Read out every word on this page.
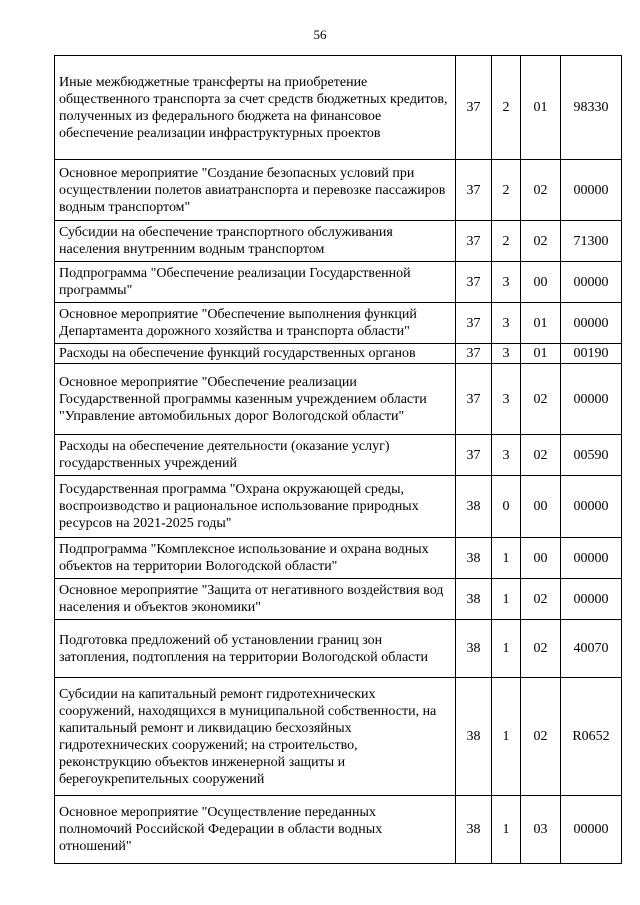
56
Иные межбюджетные трансферты на приобретение общественного транспорта за счет средств бюджетных кредитов, полученных из федерального бюджета на финансовое обеспечение реализации инфраструктурных проектов	37	2	01	98330
Основное мероприятие "Создание безопасных условий при осуществлении полетов авиатранспорта и перевозке пассажиров водным транспортом"	37	2	02	00000
Субсидии на обеспечение транспортного обслуживания населения внутренним водным транспортом	37	2	02	71300
Подпрограмма "Обеспечение реализации Государственной программы"	37	3	00	00000
Основное мероприятие "Обеспечение выполнения функций Департамента дорожного хозяйства и транспорта области"	37	3	01	00000
Расходы на обеспечение функций государственных органов	37	3	01	00190
Основное мероприятие "Обеспечение реализации Государственной программы казенным учреждением области "Управление автомобильных дорог Вологодской области"	37	3	02	00000
Расходы на обеспечение деятельности (оказание услуг) государственных учреждений	37	3	02	00590
Государственная программа "Охрана окружающей среды, воспроизводство и рациональное использование природных ресурсов на 2021-2025 годы"	38	0	00	00000
Подпрограмма "Комплексное использование и охрана водных объектов на территории Вологодской области"	38	1	00	00000
Основное мероприятие "Защита от негативного воздействия вод населения и объектов экономики"	38	1	02	00000
Подготовка предложений об установлении границ зон затопления, подтопления на территории Вологодской области	38	1	02	40070
Субсидии на капитальный ремонт гидротехнических сооружений, находящихся в муниципальной собственности, на капитальный ремонт и ликвидацию бесхозяйных гидротехнических сооружений; на строительство, реконструкцию объектов инженерной защиты и берегоукрепительных сооружений	38	1	02	R0652
Основное мероприятие "Осуществление переданных полномочий Российской Федерации в области водных отношений"	38	1	03	00000
